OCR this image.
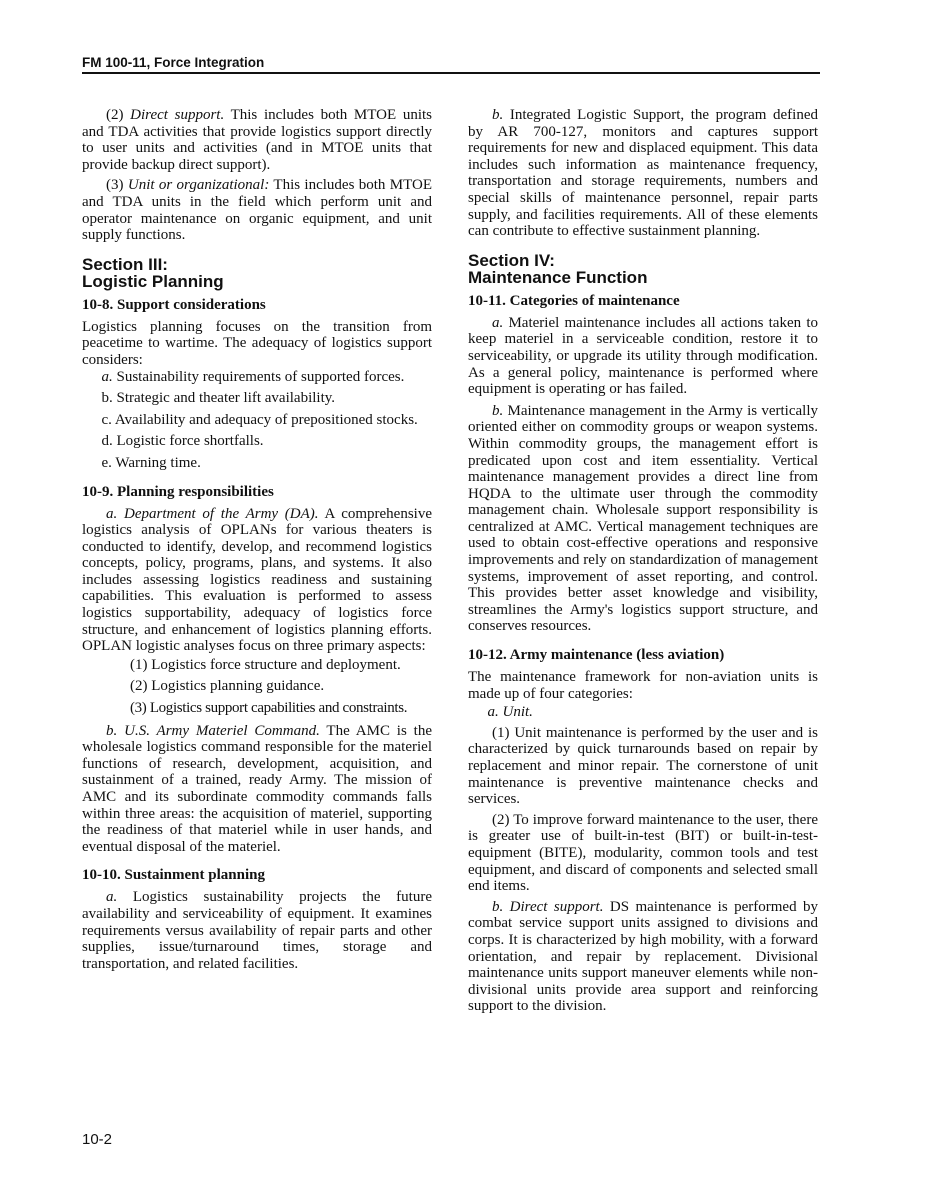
FM 100-11, Force Integration

(2) Direct support. This includes both MTOE units and TDA activities that provide logistics support directly to user units and activities (and in MTOE units that provide backup direct support).

(3) Unit or organizational: This includes both MTOE and TDA units in the field which perform unit and operator maintenance on organic equipment, and unit supply functions.

Section III:
Logistic Planning
10-8. Support considerations

Logistics planning focuses on the transition from peacetime to wartime. The adequacy of logistics support considers:

a. Sustainability requirements of supported forces.

b. Strategic and theater lift availability.

c. Availability and adequacy of prepositioned stocks.

d. Logistic force shortfalls.

e. Warning time.

10-9. Planning responsibilities

a. Department of the Army (DA). A comprehensive logistics analysis of OPLANs for various theaters is conducted to identify, develop, and recommend logistics concepts, policy, programs, plans, and systems. It also includes assessing logistics readiness and sustaining capabilities. This evaluation is performed to assess logistics supportability, adequacy of logistics force structure, and enhancement of logistics planning efforts. OPLAN logistic analyses focus on three primary aspects:

(1) Logistics force structure and deployment.

(2) Logistics planning guidance.

(3) Logistics support capabilities and constraints.

b. U.S. Army Materiel Command. The AMC is the wholesale logistics command responsible for the materiel functions of research, development, acquisition, and sustainment of a trained, ready Army. The mission of AMC and its subordinate commodity commands falls within three areas: the acquisition of materiel, supporting the readiness of that materiel while in user hands, and eventual disposal of the materiel.

10-10. Sustainment planning

a. Logistics sustainability projects the future availability and serviceability of equipment. It examines requirements versus availability of repair parts and other supplies, issue/turnaround times, storage and transportation, and related facilities.

b. Integrated Logistic Support, the program defined by AR 700-127, monitors and captures support requirements for new and displaced equipment. This data includes such information as maintenance frequency, transportation and storage requirements, numbers and special skills of maintenance personnel, repair parts supply, and facilities requirements. All of these elements can contribute to effective sustainment planning.

Section IV:
Maintenance Function
10-11. Categories of maintenance

a. Materiel maintenance includes all actions taken to keep materiel in a serviceable condition, restore it to serviceability, or upgrade its utility through modification. As a general policy, maintenance is performed where equipment is operating or has failed.

b. Maintenance management in the Army is vertically oriented either on commodity groups or weapon systems. Within commodity groups, the management effort is predicated upon cost and item essentiality. Vertical maintenance management provides a direct line from HQDA to the ultimate user through the commodity management chain. Wholesale support responsibility is centralized at AMC. Vertical management techniques are used to obtain cost-effective operations and responsive improvements and rely on standardization of management systems, improvement of asset reporting, and control. This provides better asset knowledge and visibility, streamlines the Army's logistics support structure, and conserves resources.

10-12. Army maintenance (less aviation)

The maintenance framework for non-aviation units is made up of four categories:

a. Unit.

(1) Unit maintenance is performed by the user and is characterized by quick turnarounds based on repair by replacement and minor repair. The cornerstone of unit maintenance is preventive maintenance checks and services.

(2) To improve forward maintenance to the user, there is greater use of built-in-test (BIT) or built-in-test-equipment (BITE), modularity, common tools and test equipment, and discard of components and selected small end items.

b. Direct support. DS maintenance is performed by combat service support units assigned to divisions and corps. It is characterized by high mobility, with a forward orientation, and repair by replacement. Divisional maintenance units support maneuver elements while non-divisional units provide area support and reinforcing support to the division.

10-2
